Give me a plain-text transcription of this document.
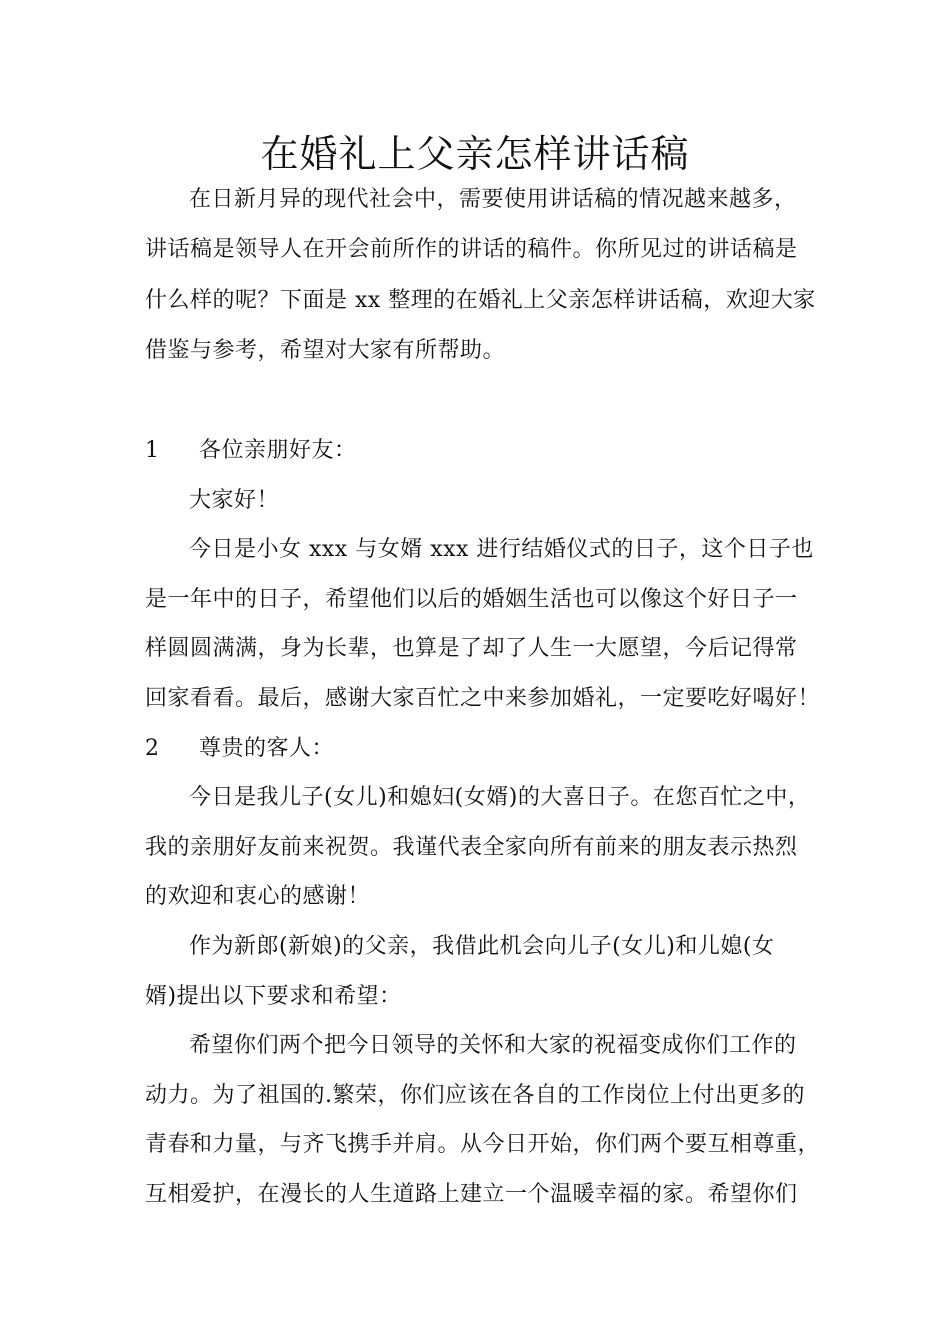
在婚礼上父亲怎样讲话稿
在日新月异的现代社会中，需要使用讲话稿的情况越来越多，
讲话稿是领导人在开会前所作的讲话的稿件。你所见过的讲话稿是
什么样的呢？下面是 xx 整理的在婚礼上父亲怎样讲话稿，欢迎大家
借鉴与参考，希望对大家有所帮助。
1 各位亲朋好友：
大家好！
今日是小女 xxx 与女婿 xxx 进行结婚仪式的日子，这个日子也
是一年中的日子，希望他们以后的婚姻生活也可以像这个好日子一
样圆圆满满，身为长辈，也算是了却了人生一大愿望，今后记得常
回家看看。最后，感谢大家百忙之中来参加婚礼，一定要吃好喝好！
2 尊贵的客人：
今日是我儿子(女儿)和媳妇(女婿)的大喜日子。在您百忙之中，
我的亲朋好友前来祝贺。我谨代表全家向所有前来的朋友表示热烈
的欢迎和衷心的感谢！
作为新郎(新娘)的父亲，我借此机会向儿子(女儿)和儿媳(女
婿)提出以下要求和希望：
希望你们两个把今日领导的关怀和大家的祝福变成你们工作的
动力。为了祖国的.繁荣，你们应该在各自的工作岗位上付出更多的
青春和力量，与齐飞携手并肩。从今日开始，你们两个要互相尊重，
互相爱护，在漫长的人生道路上建立一个温暖幸福的家。希望你们
